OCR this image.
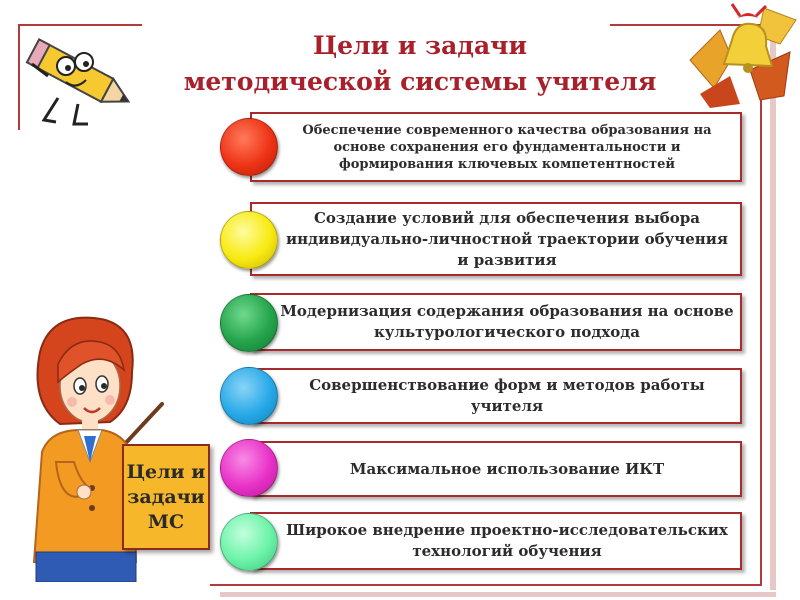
Цели и задачи
методической системы учителя
Обеспечение современного качества образования на основе сохранения его фундаментальности и формирования ключевых компетентностей
Создание условий для обеспечения выбора индивидуально-личностной траектории обучения и развития
Модернизация содержания образования на основе культурологического подхода
Совершенствование форм и методов работы учителя
Максимальное использование ИКТ
Широкое внедрение проектно-исследовательских технологий обучения
Цели и
задачи
МС
